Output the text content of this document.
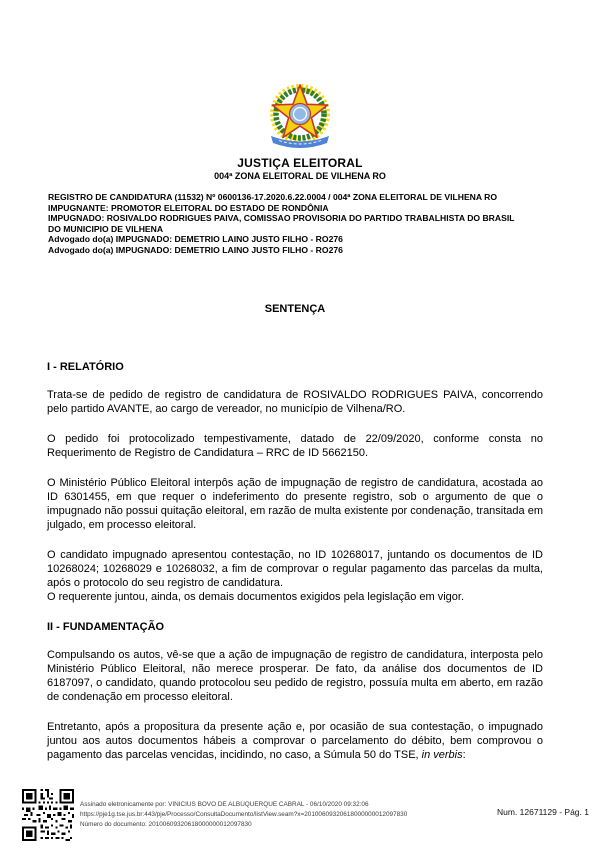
JUSTIÇA ELEITORAL
004ª ZONA ELEITORAL DE VILHENA RO
REGISTRO DE CANDIDATURA (11532) Nº 0600136-17.2020.6.22.0004 / 004ª ZONA ELEITORAL DE VILHENA RO
IMPUGNANTE: PROMOTOR ELEITORAL DO ESTADO DE RONDÔNIA
IMPUGNADO: ROSIVALDO RODRIGUES PAIVA, COMISSAO PROVISORIA DO PARTIDO TRABALHISTA DO BRASIL DO MUNICIPIO DE VILHENA
Advogado do(a) IMPUGNADO: DEMETRIO LAINO JUSTO FILHO - RO276
Advogado do(a) IMPUGNADO: DEMETRIO LAINO JUSTO FILHO - RO276
SENTENÇA
I - RELATÓRIO

Trata-se de pedido de registro de candidatura de ROSIVALDO RODRIGUES PAIVA, concorrendo pelo partido AVANTE, ao cargo de vereador, no município de Vilhena/RO.

O pedido foi protocolizado tempestivamente, datado de 22/09/2020, conforme consta no Requerimento de Registro de Candidatura – RRC de ID 5662150.

O Ministério Público Eleitoral interpôs ação de impugnação de registro de candidatura, acostada ao ID 6301455, em que requer o indeferimento do presente registro, sob o argumento de que o impugnado não possui quitação eleitoral, em razão de multa existente por condenação, transitada em julgado, em processo eleitoral.

O candidato impugnado apresentou contestação, no ID 10268017, juntando os documentos de ID 10268024; 10268029 e 10268032, a fim de comprovar o regular pagamento das parcelas da multa, após o protocolo do seu registro de candidatura.

O requerente juntou, ainda, os demais documentos exigidos pela legislação em vigor.

II - FUNDAMENTAÇÃO

Compulsando os autos, vê-se que a ação de impugnação de registro de candidatura, interposta pelo Ministério Público Eleitoral, não merece prosperar. De fato, da análise dos documentos de ID 6187097, o candidato, quando protocolou seu pedido de registro, possuía multa em aberto, em razão de condenação em processo eleitoral.

Entretanto, após a propositura da presente ação e, por ocasião de sua contestação, o impugnado juntou aos autos documentos hábeis a comprovar o parcelamento do débito, bem comprovou o pagamento das parcelas vencidas, incidindo, no caso, a Súmula 50 do TSE, in verbis:

Assinado eletronicamente por: VINICIUS BOVO DE ALBUQUERQUE CABRAL - 06/10/2020 09:32:06
https://pje1g.tse.jus.br:443/pje/Processo/ConsultaDocumento/listView.seam?x=20100609320618000000012097830
Número do documento: 20100609320618000000012097830
Num. 12671129 - Pág. 1
